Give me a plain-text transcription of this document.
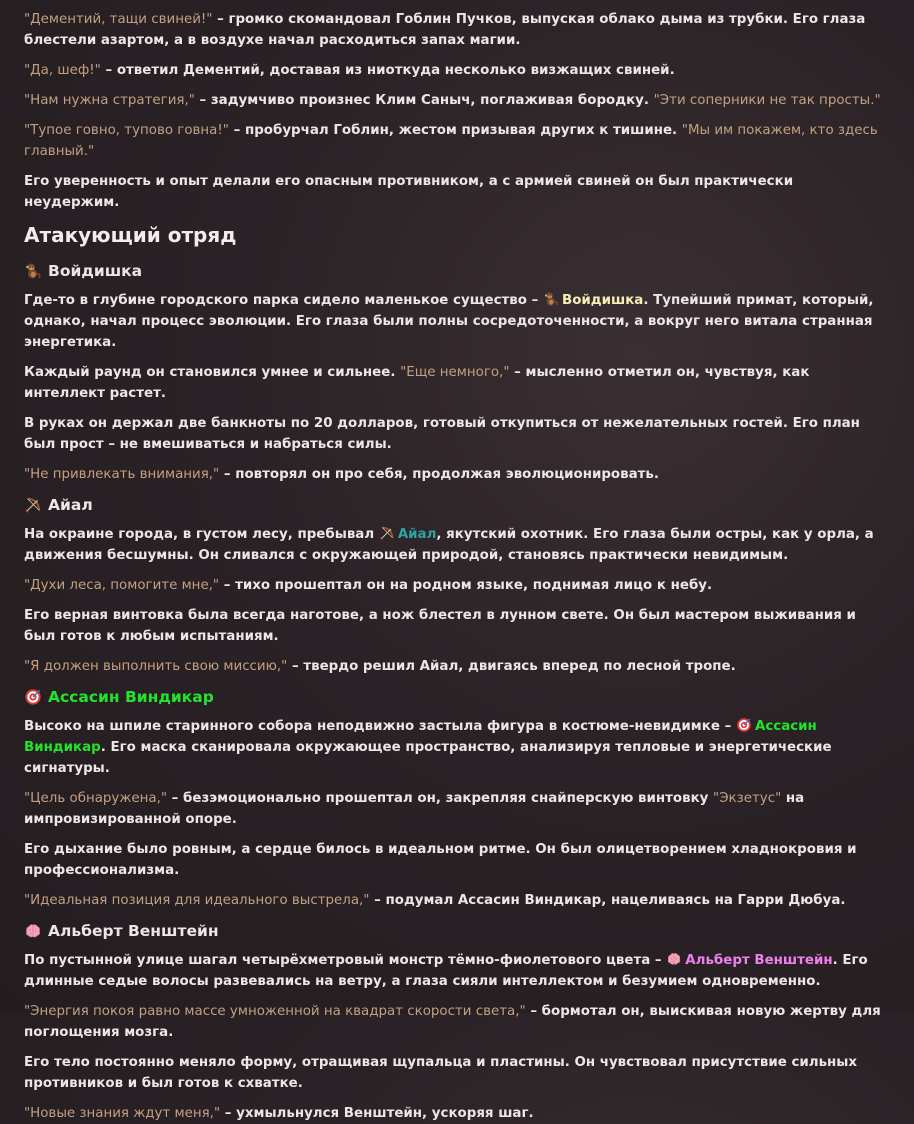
"Дементий, тащи свиней!" – громко скомандовал Гоблин Пучков, выпуская облако дыма из трубки. Его глаза блестели азартом, а в воздухе начал расходиться запах магии.

"Да, шеф!" – ответил Дементий, доставая из ниоткуда несколько визжащих свиней.

"Нам нужна стратегия," – задумчиво произнес Клим Саныч, поглаживая бородку. "Эти соперники не так просты."

"Тупое говно, тупово говна!" – пробурчал Гоблин, жестом призывая других к тишине. "Мы им покажем, кто здесь главный."

Его уверенность и опыт делали его опасным противником, а с армией свиней он был практически неудержим.

Атакующий отряд
Войдишка

Где-то в глубине городского парка сидело маленькое существо – Войдишка. Тупейший примат, который, однако, начал процесс эволюции. Его глаза были полны сосредоточенности, а вокруг него витала странная энергетика.

Каждый раунд он становился умнее и сильнее. "Еще немного," – мысленно отметил он, чувствуя, как интеллект растет.

В руках он держал две банкноты по 20 долларов, готовый откупиться от нежелательных гостей. Его план был прост – не вмешиваться и набраться силы.

"Не привлекать внимания," – повторял он про себя, продолжая эволюционировать.

Айал

На окраине города, в густом лесу, пребывал Айал, якутский охотник. Его глаза были остры, как у орла, а движения бесшумны. Он сливался с окружающей природой, становясь практически невидимым.

"Духи леса, помогите мне," – тихо прошептал он на родном языке, поднимая лицо к небу.

Его верная винтовка была всегда наготове, а нож блестел в лунном свете. Он был мастером выживания и был готов к любым испытаниям.

"Я должен выполнить свою миссию," – твердо решил Айал, двигаясь вперед по лесной тропе.

Ассасин Виндикар

Высоко на шпиле старинного собора неподвижно застыла фигура в костюме-невидимке – Ассасин Виндикар. Его маска сканировала окружающее пространство, анализируя тепловые и энергетические сигнатуры.

"Цель обнаружена," – безэмоционально прошептал он, закрепляя снайперскую винтовку "Экзетус" на импровизированной опоре.

Его дыхание было ровным, а сердце билось в идеальном ритме. Он был олицетворением хладнокровия и профессионализма.

"Идеальная позиция для идеального выстрела," – подумал Ассасин Виндикар, нацеливаясь на Гарри Дюбуа.

Альберт Венштейн

По пустынной улице шагал четырёхметровый монстр тёмно-фиолетового цвета – Альберт Венштейн. Его длинные седые волосы развевались на ветру, а глаза сияли интеллектом и безумием одновременно.

"Энергия покоя равно массе умноженной на квадрат скорости света," – бормотал он, выискивая новую жертву для поглощения мозга.

Его тело постоянно меняло форму, отращивая щупальца и пластины. Он чувствовал присутствие сильных противников и был готов к схватке.

"Новые знания ждут меня," – ухмыльнулся Венштейн, ускоряя шаг.
